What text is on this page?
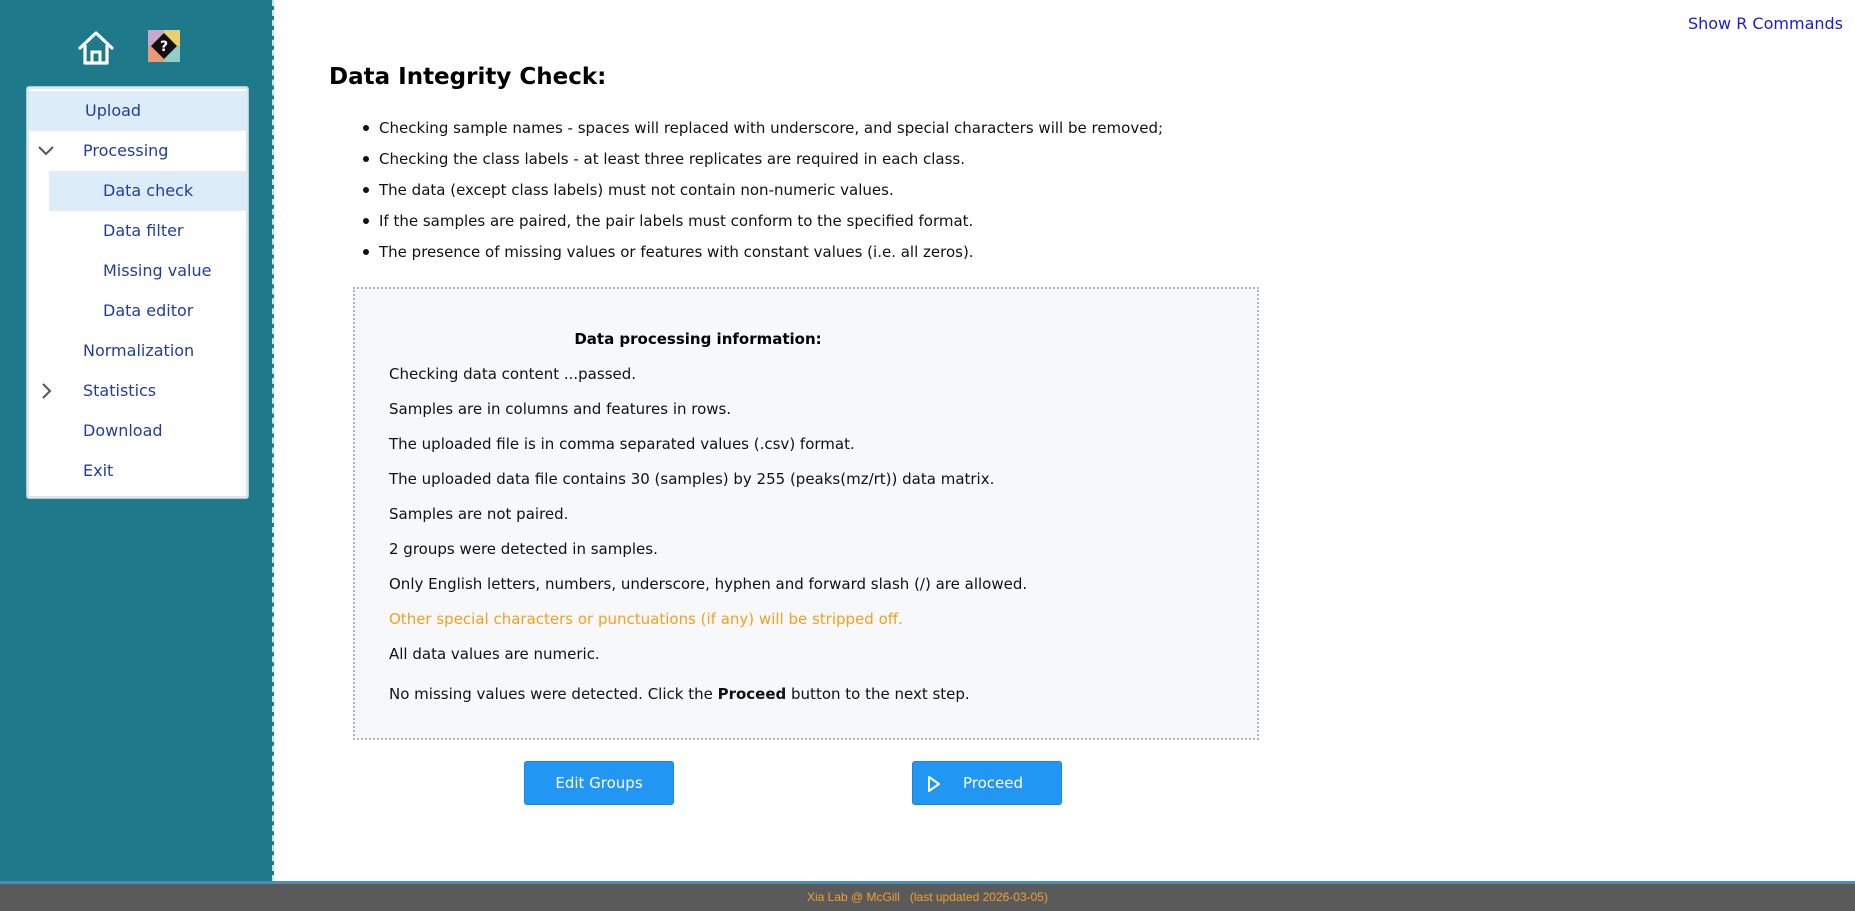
?
Upload
Processing
Data check
Data filter
Missing value
Data editor
Normalization
Statistics
Download
Exit
Show R Commands
Data Integrity Check:
Checking sample names - spaces will replaced with underscore, and special characters will be removed;
Checking the class labels - at least three replicates are required in each class.
The data (except class labels) must not contain non-numeric values.
If the samples are paired, the pair labels must conform to the specified format.
The presence of missing values or features with constant values (i.e. all zeros).
Data processing information:
Checking data content ...passed.
Samples are in columns and features in rows.
The uploaded file is in comma separated values (.csv) format.
The uploaded data file contains 30 (samples) by 255 (peaks(mz/rt)) data matrix.
Samples are not paired.
2 groups were detected in samples.
Only English letters, numbers, underscore, hyphen and forward slash (/) are allowed.
Other special characters or punctuations (if any) will be stripped off.
All data values are numeric.
No missing values were detected. Click the Proceed button to the next step.
Edit Groups	Proceed
Xia Lab @ McGill   (last updated 2026-03-05)
